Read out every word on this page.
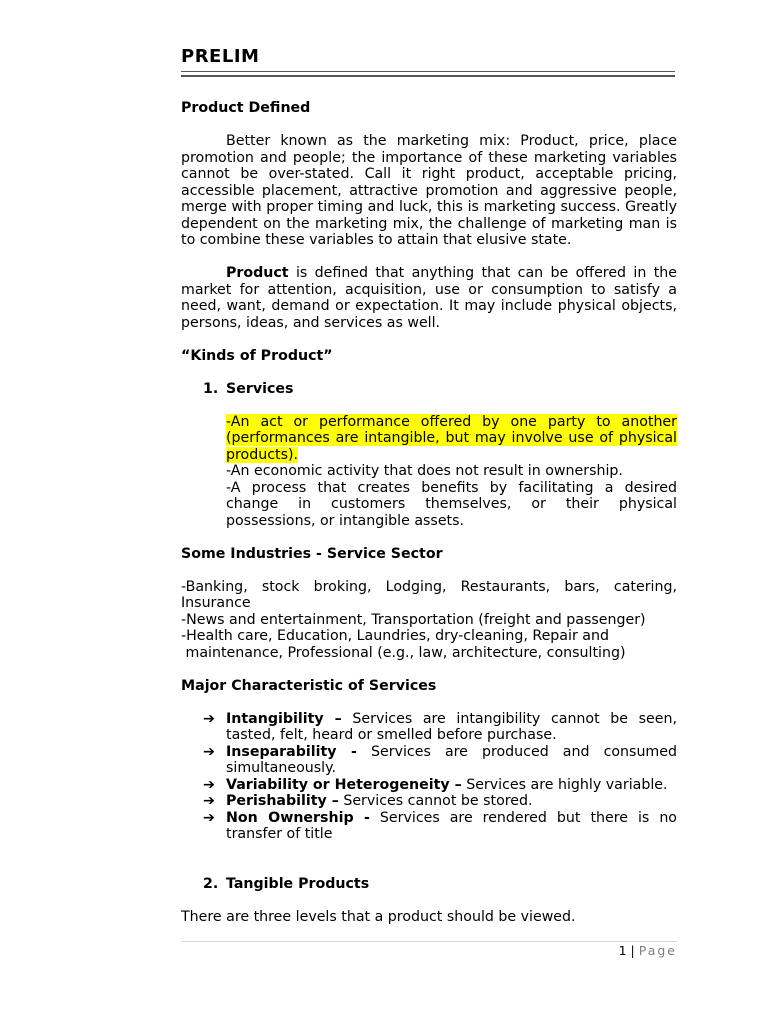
PRELIM
Product Defined

Better known as the marketing mix: Product, price, place promotion and people; the importance of these marketing variables cannot be over-stated. Call it right product, acceptable pricing, accessible placement, attractive promotion and aggressive people, merge with proper timing and luck, this is marketing success. Greatly dependent on the marketing mix, the challenge of marketing man is to combine these variables to attain that elusive state.

Product is defined that anything that can be offered in the market for attention, acquisition, use or consumption to satisfy a need, want, demand or expectation. It may include physical objects, persons, ideas, and services as well.

“Kinds of Product”
1. Services

-An act or performance offered by one party to another (performances are intangible, but may involve use of physical products).

-An economic activity that does not result in ownership.

-A process that creates benefits by facilitating a desired change in customers themselves, or their physical possessions, or intangible assets.

Some Industries - Service Sector

-Banking, stock broking, Lodging, Restaurants, bars, catering, Insurance

-News and entertainment, Transportation (freight and passenger)

-Health care, Education, Laundries, dry-cleaning, Repair and

maintenance, Professional (e.g., law, architecture, consulting)

Major Characteristic of Services
➔ Intangibility – Services are intangibility cannot be seen, tasted, felt, heard or smelled before purchase.
➔ Inseparability - Services are produced and consumed simultaneously.
➔ Variability or Heterogeneity – Services are highly variable.
➔ Perishability – Services cannot be stored.
➔ Non Ownership - Services are rendered but there is no transfer of title
2. Tangible Products

There are three levels that a product should be viewed.

1 | Page
